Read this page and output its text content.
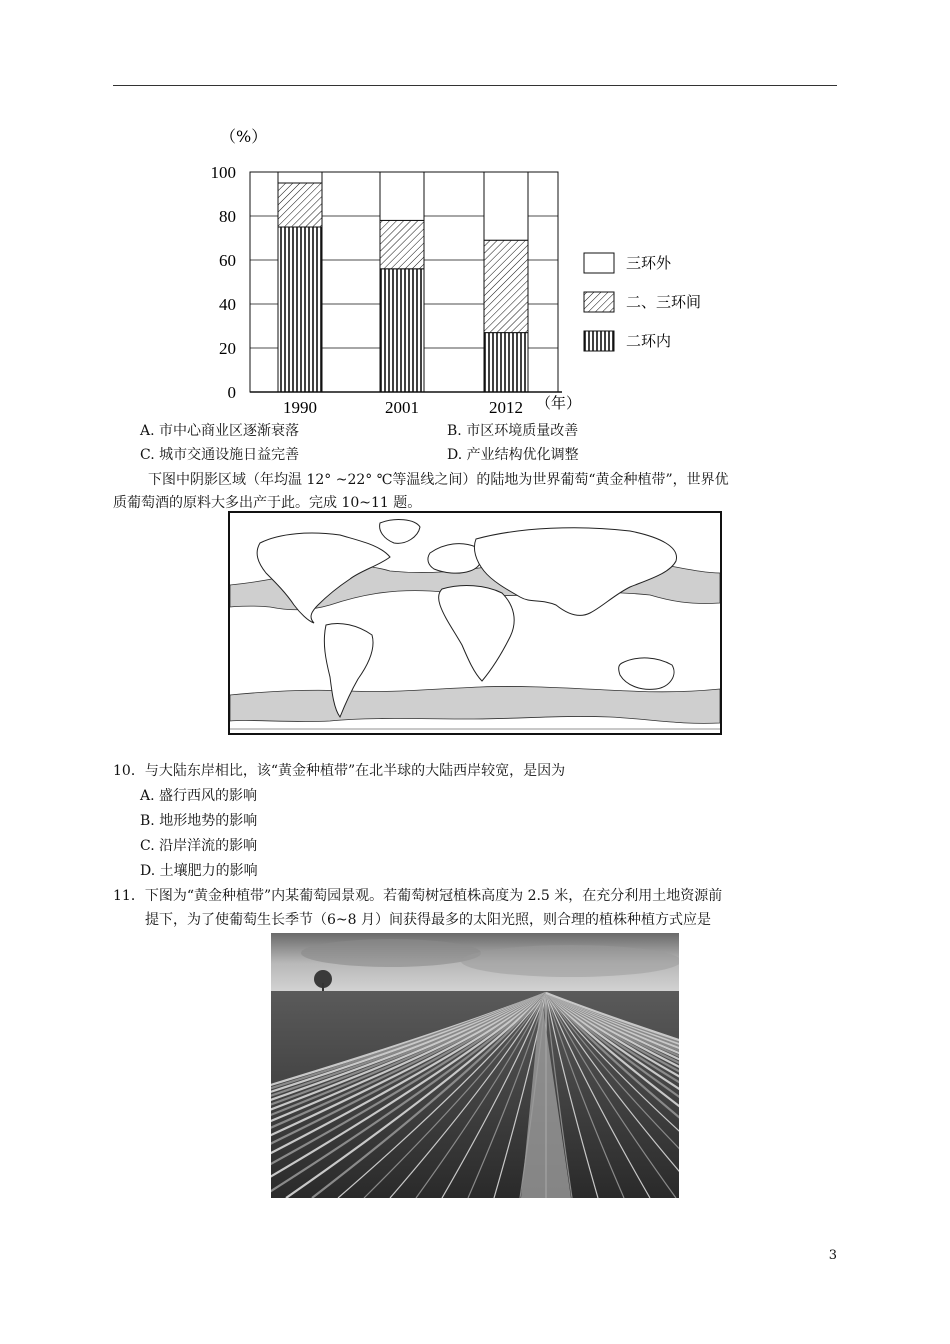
100
80
60
40
20
0
（%）
1990	2001	2012 （年）
三环外
二、三环间
二环内
A. 市中心商业区逐渐衰落	B. 市区环境质量改善
C. 城市交通设施日益完善	D. 产业结构优化调整
下图中阴影区域（年均温 12° ~22° ℃等温线之间）的陆地为世界葡萄“黄金种植带”，世界优
质葡萄酒的原料大多出产于此。完成 10~11 题。
10．与大陆东岸相比，该“黄金种植带”在北半球的大陆西岸较宽，是因为
A. 盛行西风的影响
B. 地形地势的影响
C. 沿岸洋流的影响
D. 土壤肥力的影响
11．下图为“黄金种植带”内某葡萄园景观。若葡萄树冠植株高度为 2.5 米，在充分利用土地资源前
提下，为了使葡萄生长季节（6~8 月）间获得最多的太阳光照，则合理的植株种植方式应是
3
